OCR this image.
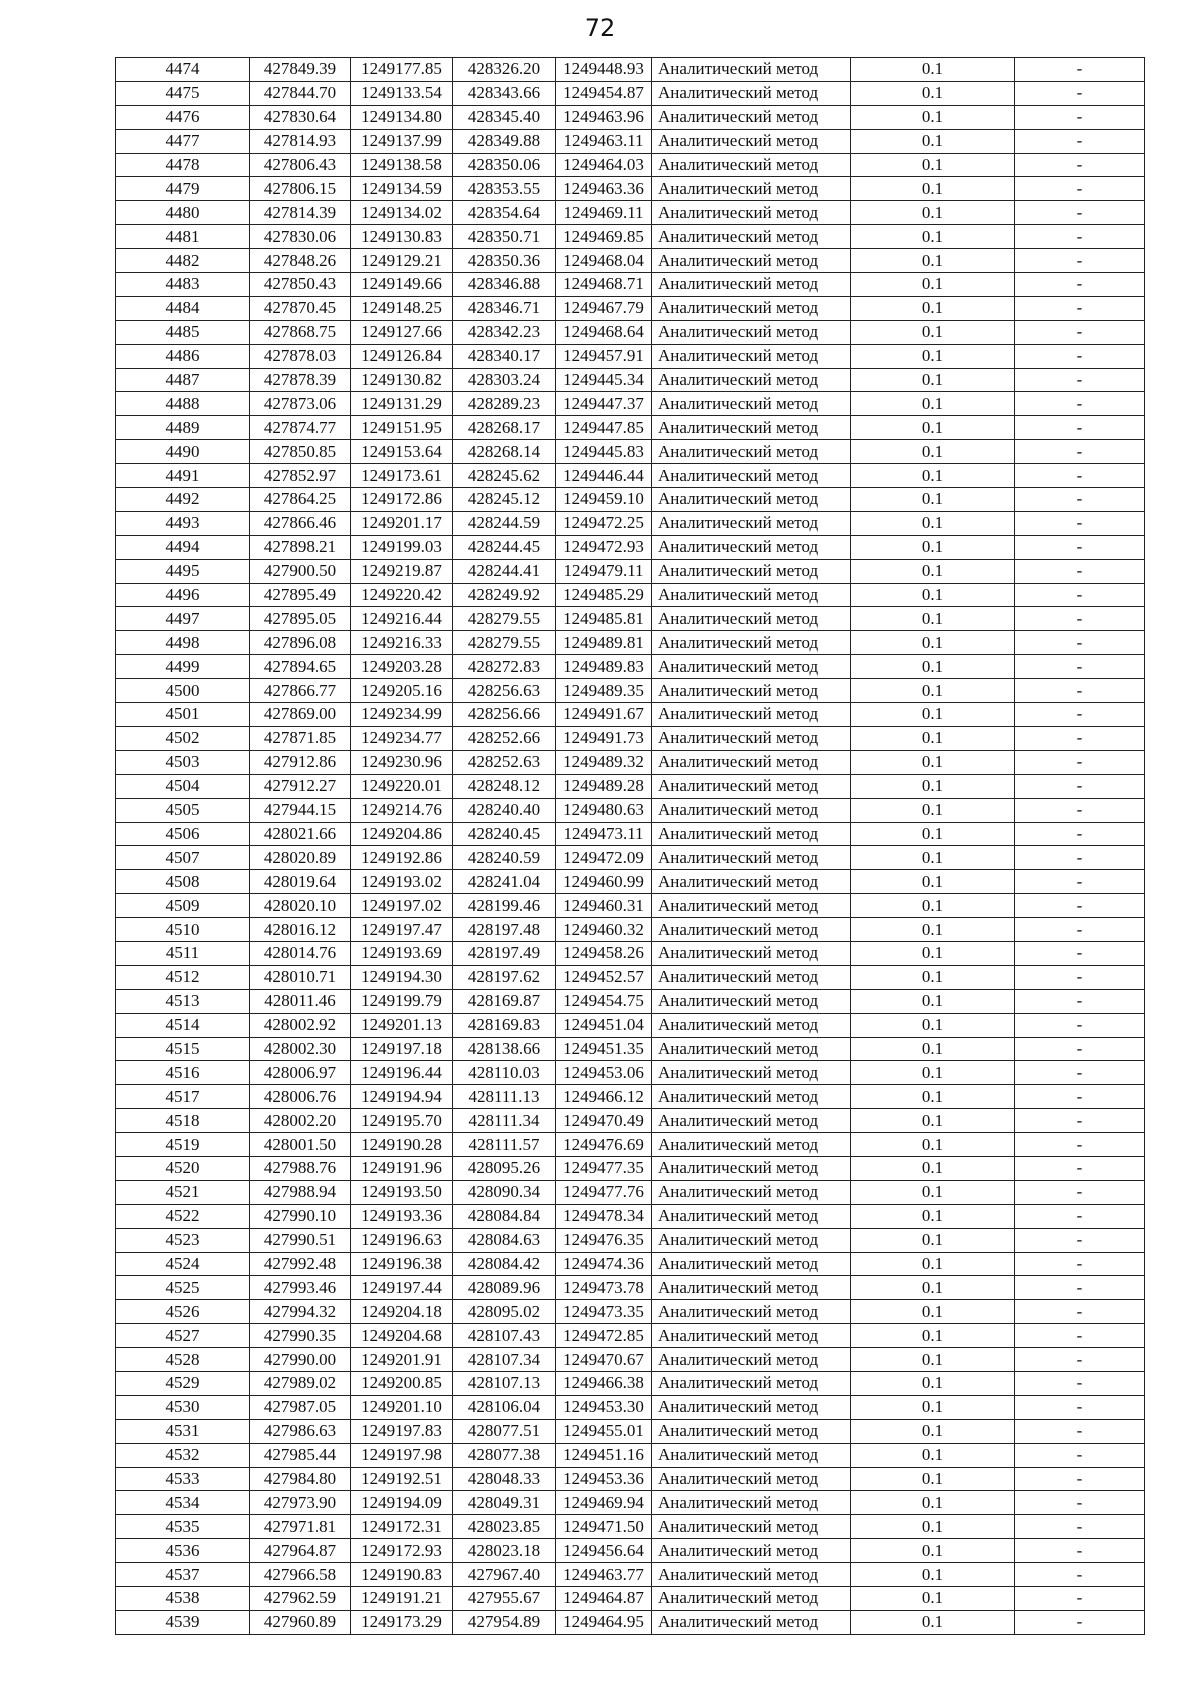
72
4474	427849.39	1249177.85	428326.20	1249448.93	Аналитический метод	0.1	-
4475	427844.70	1249133.54	428343.66	1249454.87	Аналитический метод	0.1	-
4476	427830.64	1249134.80	428345.40	1249463.96	Аналитический метод	0.1	-
4477	427814.93	1249137.99	428349.88	1249463.11	Аналитический метод	0.1	-
4478	427806.43	1249138.58	428350.06	1249464.03	Аналитический метод	0.1	-
4479	427806.15	1249134.59	428353.55	1249463.36	Аналитический метод	0.1	-
4480	427814.39	1249134.02	428354.64	1249469.11	Аналитический метод	0.1	-
4481	427830.06	1249130.83	428350.71	1249469.85	Аналитический метод	0.1	-
4482	427848.26	1249129.21	428350.36	1249468.04	Аналитический метод	0.1	-
4483	427850.43	1249149.66	428346.88	1249468.71	Аналитический метод	0.1	-
4484	427870.45	1249148.25	428346.71	1249467.79	Аналитический метод	0.1	-
4485	427868.75	1249127.66	428342.23	1249468.64	Аналитический метод	0.1	-
4486	427878.03	1249126.84	428340.17	1249457.91	Аналитический метод	0.1	-
4487	427878.39	1249130.82	428303.24	1249445.34	Аналитический метод	0.1	-
4488	427873.06	1249131.29	428289.23	1249447.37	Аналитический метод	0.1	-
4489	427874.77	1249151.95	428268.17	1249447.85	Аналитический метод	0.1	-
4490	427850.85	1249153.64	428268.14	1249445.83	Аналитический метод	0.1	-
4491	427852.97	1249173.61	428245.62	1249446.44	Аналитический метод	0.1	-
4492	427864.25	1249172.86	428245.12	1249459.10	Аналитический метод	0.1	-
4493	427866.46	1249201.17	428244.59	1249472.25	Аналитический метод	0.1	-
4494	427898.21	1249199.03	428244.45	1249472.93	Аналитический метод	0.1	-
4495	427900.50	1249219.87	428244.41	1249479.11	Аналитический метод	0.1	-
4496	427895.49	1249220.42	428249.92	1249485.29	Аналитический метод	0.1	-
4497	427895.05	1249216.44	428279.55	1249485.81	Аналитический метод	0.1	-
4498	427896.08	1249216.33	428279.55	1249489.81	Аналитический метод	0.1	-
4499	427894.65	1249203.28	428272.83	1249489.83	Аналитический метод	0.1	-
4500	427866.77	1249205.16	428256.63	1249489.35	Аналитический метод	0.1	-
4501	427869.00	1249234.99	428256.66	1249491.67	Аналитический метод	0.1	-
4502	427871.85	1249234.77	428252.66	1249491.73	Аналитический метод	0.1	-
4503	427912.86	1249230.96	428252.63	1249489.32	Аналитический метод	0.1	-
4504	427912.27	1249220.01	428248.12	1249489.28	Аналитический метод	0.1	-
4505	427944.15	1249214.76	428240.40	1249480.63	Аналитический метод	0.1	-
4506	428021.66	1249204.86	428240.45	1249473.11	Аналитический метод	0.1	-
4507	428020.89	1249192.86	428240.59	1249472.09	Аналитический метод	0.1	-
4508	428019.64	1249193.02	428241.04	1249460.99	Аналитический метод	0.1	-
4509	428020.10	1249197.02	428199.46	1249460.31	Аналитический метод	0.1	-
4510	428016.12	1249197.47	428197.48	1249460.32	Аналитический метод	0.1	-
4511	428014.76	1249193.69	428197.49	1249458.26	Аналитический метод	0.1	-
4512	428010.71	1249194.30	428197.62	1249452.57	Аналитический метод	0.1	-
4513	428011.46	1249199.79	428169.87	1249454.75	Аналитический метод	0.1	-
4514	428002.92	1249201.13	428169.83	1249451.04	Аналитический метод	0.1	-
4515	428002.30	1249197.18	428138.66	1249451.35	Аналитический метод	0.1	-
4516	428006.97	1249196.44	428110.03	1249453.06	Аналитический метод	0.1	-
4517	428006.76	1249194.94	428111.13	1249466.12	Аналитический метод	0.1	-
4518	428002.20	1249195.70	428111.34	1249470.49	Аналитический метод	0.1	-
4519	428001.50	1249190.28	428111.57	1249476.69	Аналитический метод	0.1	-
4520	427988.76	1249191.96	428095.26	1249477.35	Аналитический метод	0.1	-
4521	427988.94	1249193.50	428090.34	1249477.76	Аналитический метод	0.1	-
4522	427990.10	1249193.36	428084.84	1249478.34	Аналитический метод	0.1	-
4523	427990.51	1249196.63	428084.63	1249476.35	Аналитический метод	0.1	-
4524	427992.48	1249196.38	428084.42	1249474.36	Аналитический метод	0.1	-
4525	427993.46	1249197.44	428089.96	1249473.78	Аналитический метод	0.1	-
4526	427994.32	1249204.18	428095.02	1249473.35	Аналитический метод	0.1	-
4527	427990.35	1249204.68	428107.43	1249472.85	Аналитический метод	0.1	-
4528	427990.00	1249201.91	428107.34	1249470.67	Аналитический метод	0.1	-
4529	427989.02	1249200.85	428107.13	1249466.38	Аналитический метод	0.1	-
4530	427987.05	1249201.10	428106.04	1249453.30	Аналитический метод	0.1	-
4531	427986.63	1249197.83	428077.51	1249455.01	Аналитический метод	0.1	-
4532	427985.44	1249197.98	428077.38	1249451.16	Аналитический метод	0.1	-
4533	427984.80	1249192.51	428048.33	1249453.36	Аналитический метод	0.1	-
4534	427973.90	1249194.09	428049.31	1249469.94	Аналитический метод	0.1	-
4535	427971.81	1249172.31	428023.85	1249471.50	Аналитический метод	0.1	-
4536	427964.87	1249172.93	428023.18	1249456.64	Аналитический метод	0.1	-
4537	427966.58	1249190.83	427967.40	1249463.77	Аналитический метод	0.1	-
4538	427962.59	1249191.21	427955.67	1249464.87	Аналитический метод	0.1	-
4539	427960.89	1249173.29	427954.89	1249464.95	Аналитический метод	0.1	-
